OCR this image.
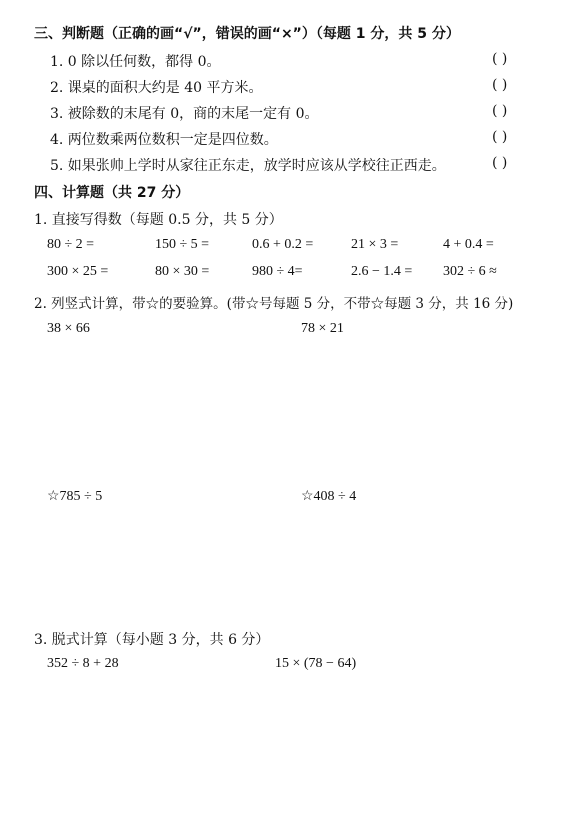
三、判断题（正确的画“√”，错误的画“×”）（每题 1 分，共 5 分）
1. 0 除以任何数，都得 0。	( )
2. 课桌的面积大约是 40 平方米。	( )
3. 被除数的末尾有 0，商的末尾一定有 0。	( )
4. 两位数乘两位数积一定是四位数。	( )
5. 如果张帅上学时从家往正东走，放学时应该从学校往正西走。	( )
四、计算题（共 27 分）
1. 直接写得数（每题 0.5 分，共 5 分）
80 ÷ 2 =	150 ÷ 5 =	0.6 + 0.2 =	21 × 3 =	4 + 0.4 =
300 × 25 =	80 × 30 =	980 ÷ 4=	2.6 − 1.4 = 302 ÷ 6 ≈
2. 列竖式计算，带☆的要验算。(带☆号每题 5 分，不带☆每题 3 分，共 16 分)
38 × 66	78 × 21
☆785 ÷ 5	☆408 ÷ 4
3. 脱式计算（每小题 3 分，共 6 分）
352 ÷ 8 + 28	15 × (78 − 64)
